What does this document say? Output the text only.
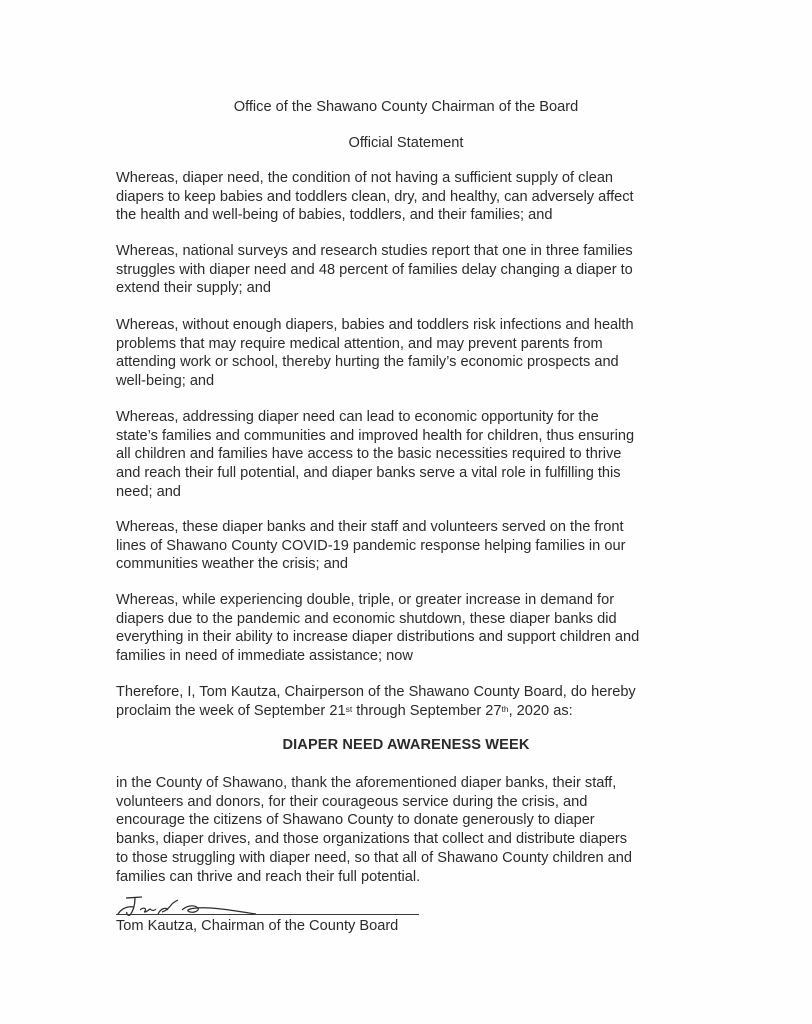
Office of the Shawano County Chairman of the Board
Official Statement

Whereas, diaper need, the condition of not having a sufficient supply of clean
diapers to keep babies and toddlers clean, dry, and healthy, can adversely affect
the health and well-being of babies, toddlers, and their families; and

Whereas, national surveys and research studies report that one in three families
struggles with diaper need and 48 percent of families delay changing a diaper to
extend their supply; and

Whereas, without enough diapers, babies and toddlers risk infections and health
problems that may require medical attention, and may prevent parents from
attending work or school, thereby hurting the family’s economic prospects and
well-being; and

Whereas, addressing diaper need can lead to economic opportunity for the
state’s families and communities and improved health for children, thus ensuring
all children and families have access to the basic necessities required to thrive
and reach their full potential, and diaper banks serve a vital role in fulfilling this
need; and

Whereas, these diaper banks and their staff and volunteers served on the front
lines of Shawano County COVID-19 pandemic response helping families in our
communities weather the crisis; and

Whereas, while experiencing double, triple, or greater increase in demand for
diapers due to the pandemic and economic shutdown, these diaper banks did
everything in their ability to increase diaper distributions and support children and
families in need of immediate assistance; now

Therefore, I, Tom Kautza, Chairperson of the Shawano County Board, do hereby
proclaim the week of September 21st through September 27th, 2020 as:

DIAPER NEED AWARENESS WEEK

in the County of Shawano, thank the aforementioned diaper banks, their staff,
volunteers and donors, for their courageous service during the crisis, and
encourage the citizens of Shawano County to donate generously to diaper
banks, diaper drives, and those organizations that collect and distribute diapers
to those struggling with diaper need, so that all of Shawano County children and
families can thrive and reach their full potential.

Tom Kautza, Chairman of the County Board
